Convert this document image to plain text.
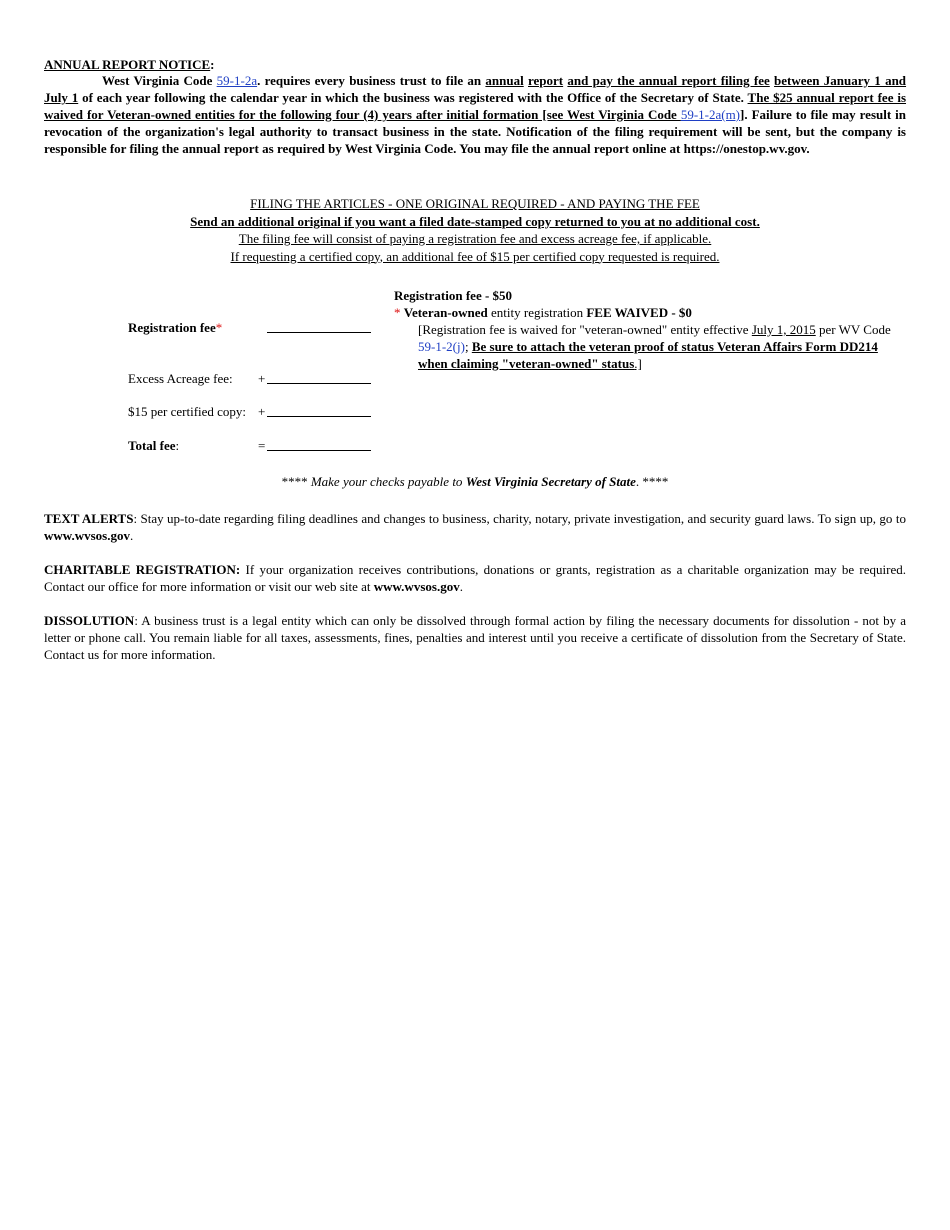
ANNUAL REPORT NOTICE:

West Virginia Code 59-1-2a. requires every business trust to file an annual report and pay the annual report filing fee between January 1 and July 1 of each year following the calendar year in which the business was registered with the Office of the Secretary of State. The $25 annual report fee is waived for Veteran-owned entities for the following four (4) years after initial formation [see West Virginia Code 59-1-2a(m)]. Failure to file may result in revocation of the organization's legal authority to transact business in the state. Notification of the filing requirement will be sent, but the company is responsible for filing the annual report as required by West Virginia Code. You may file the annual report online at https://onestop.wv.gov.

FILING THE ARTICLES - ONE ORIGINAL REQUIRED - AND PAYING THE FEE

Send an additional original if you want a filed date-stamped copy returned to you at no additional cost.

The filing fee will consist of paying a registration fee and excess acreage fee, if applicable.

If requesting a certified copy, an additional fee of $15 per certified copy requested is required.

Registration fee*
Excess Acreage fee: +
$15 per certified copy: +
Total fee:	=

Registration fee - $50

* Veteran-owned entity registration FEE WAIVED - $0

[Registration fee is waived for "veteran-owned" entity effective July 1, 2015 per WV Code 59-1-2(j); Be sure to attach the veteran proof of status Veteran Affairs Form DD214 when claiming "veteran-owned" status.]

**** Make your checks payable to West Virginia Secretary of State. ****

TEXT ALERTS: Stay up-to-date regarding filing deadlines and changes to business, charity, notary, private investigation, and security guard laws. To sign up, go to www.wvsos.gov.

CHARITABLE REGISTRATION: If your organization receives contributions, donations or grants, registration as a charitable organization may be required. Contact our office for more information or visit our web site at www.wvsos.gov.

DISSOLUTION: A business trust is a legal entity which can only be dissolved through formal action by filing the necessary documents for dissolution - not by a letter or phone call. You remain liable for all taxes, assessments, fines, penalties and interest until you receive a certificate of dissolution from the Secretary of State. Contact us for more information.
